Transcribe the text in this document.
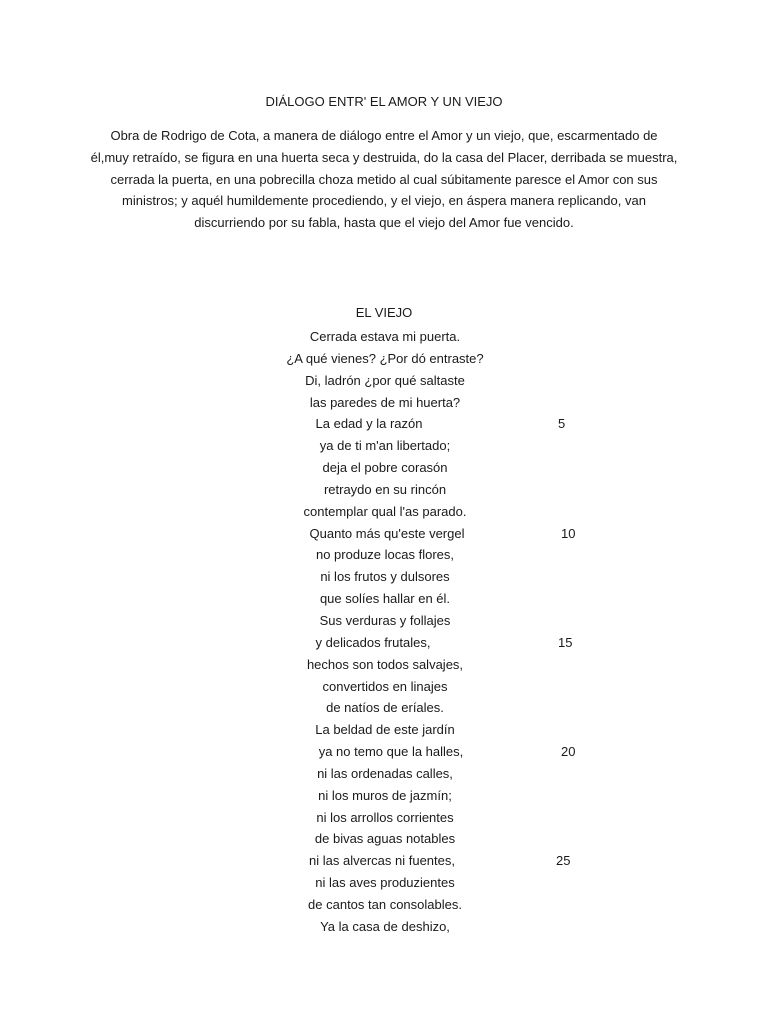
DIÁLOGO ENTR' EL AMOR Y UN VIEJO
Obra de Rodrigo de Cota, a manera de diálogo entre el Amor y un viejo, que, escarmentado de él,muy retraído, se figura en una huerta seca y destruida, do la casa del Placer, derribada se muestra, cerrada la puerta, en una pobrecilla choza metido al cual súbitamente paresce el Amor con sus ministros; y aquél humildemente procediendo, y el viejo, en áspera manera replicando, van discurriendo por su fabla, hasta que el viejo del Amor fue vencido.
EL VIEJO
Cerrada estava mi puerta.
¿A qué vienes? ¿Por dó entraste?
Di, ladrón ¿por qué saltaste
las paredes de mi huerta?
La edad y la razón	5
ya de ti m'an libertado;
deja el pobre corasón
retraydo en su rincón
contemplar qual l'as parado.
Quanto más qu'este vergel	10
no produze locas flores,
ni los frutos y dulsores
que solíes hallar en él.
Sus verduras y follajes
y delicados frutales,	15
hechos son todos salvajes,
convertidos en linajes
de natíos de eríales.
La beldad de este jardín
ya no temo que la halles,	20
ni las ordenadas calles,
ni los muros de jazmín;
ni los arrollos corrientes
de bivas aguas notables
ni las alvercas ni fuentes,	25
ni las aves produzientes
de cantos tan consolables.
Ya la casa de deshizo,
